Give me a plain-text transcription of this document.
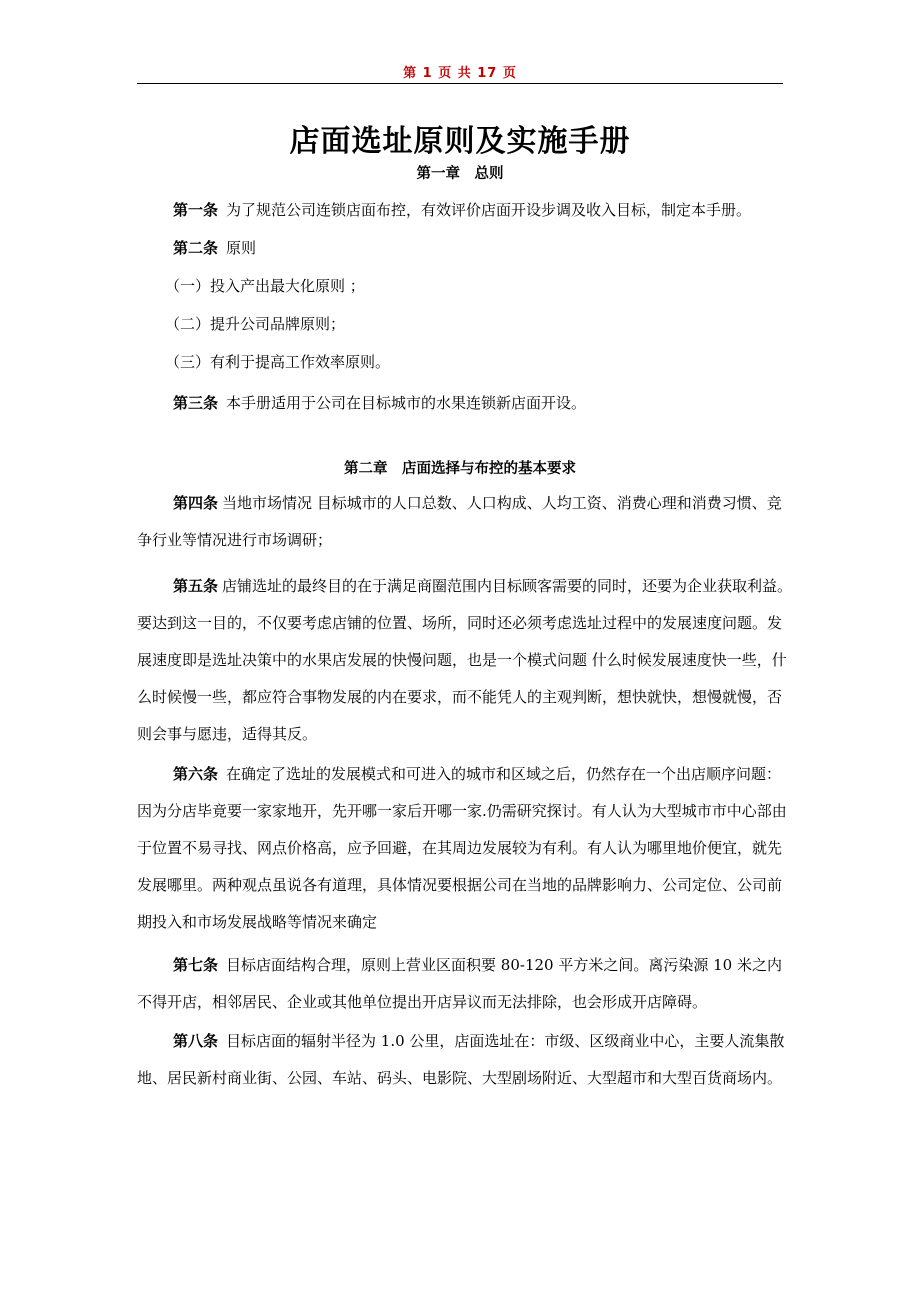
第 1 页 共 17 页
店面选址原则及实施手册
第一章　总则
第一条 为了规范公司连锁店面布控，有效评价店面开设步调及收入目标，制定本手册。
第二条 原则
（一）投入产出最大化原则 ；
（二）提升公司品牌原则；
（三）有利于提高工作效率原则。
第三条 本手册适用于公司在目标城市的水果连锁新店面开设。
第二章　店面选择与布控的基本要求
第四条 当地市场情况 目标城市的人口总数、人口构成、人均工资、消费心理和消费习惯、竞争行业等情况进行市场调研；
第五条 店铺选址的最终目的在于满足商圈范围内目标顾客需要的同时，还要为企业获取利益。要达到这一目的，不仅要考虑店铺的位置、场所，同时还必须考虑选址过程中的发展速度问题。发展速度即是选址决策中的水果店发展的快慢问题，也是一个模式问题 什么时候发展速度快一些，什么时候慢一些，都应符合事物发展的内在要求，而不能凭人的主观判断，想快就快，想慢就慢，否则会事与愿违，适得其反。
第六条 在确定了选址的发展模式和可进入的城市和区域之后，仍然存在一个出店顺序问题：因为分店毕竟要一家家地开，先开哪一家后开哪一家.仍需研究探讨。有人认为大型城市市中心部由于位置不易寻找、网点价格高，应予回避，在其周边发展较为有利。有人认为哪里地价便宜，就先发展哪里。两种观点虽说各有道理，具体情况要根据公司在当地的品牌影响力、公司定位、公司前期投入和市场发展战略等情况来确定
第七条 目标店面结构合理，原则上营业区面积要 80-120 平方米之间。离污染源 10 米之内不得开店，相邻居民、企业或其他单位提出开店异议而无法排除，也会形成开店障碍。
第八条 目标店面的辐射半径为 1.0 公里，店面选址在：市级、区级商业中心，主要人流集散地、居民新村商业街、公园、车站、码头、电影院、大型剧场附近、大型超市和大型百货商场内。
